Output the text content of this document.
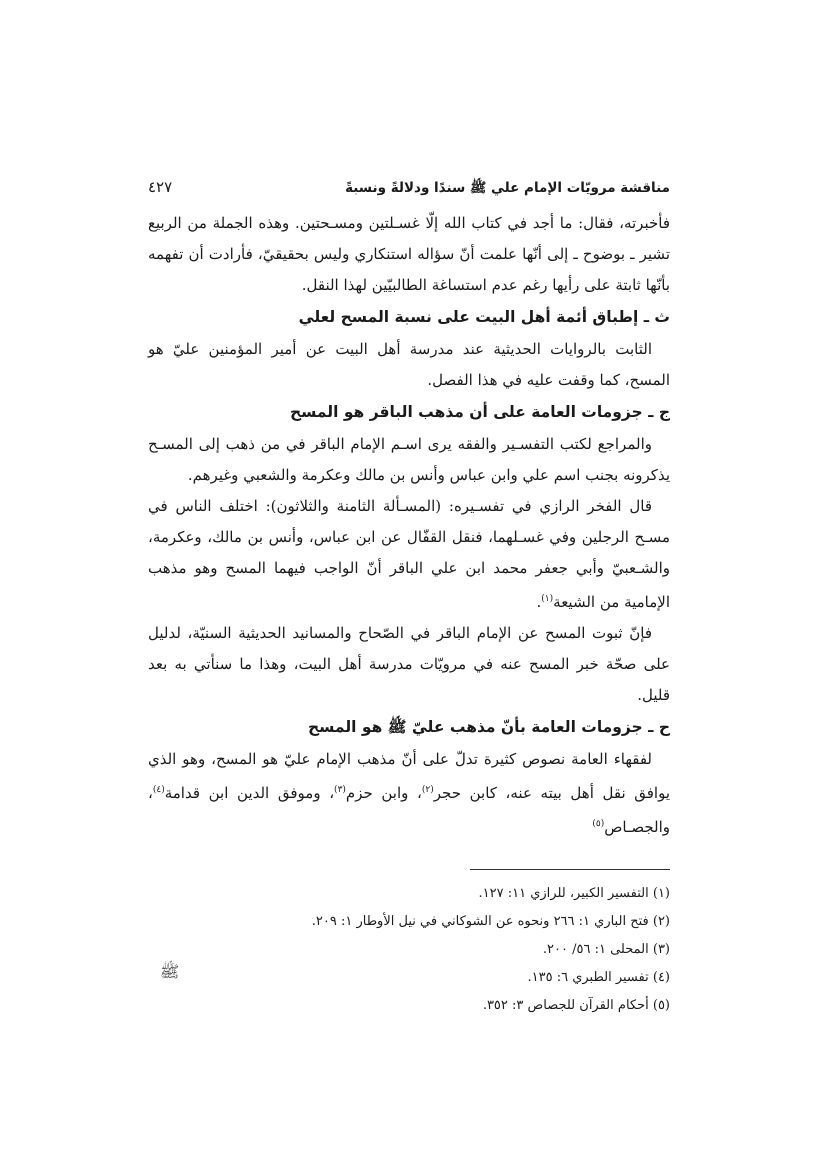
مناقشة مرويّات الإمام علي ﷺ سندًا ودلالةً ونسبةً
٤٢٧

فأخبرته، فقال: ما أجد في كتاب الله إلّا غسـلتين ومسـحتين. وهذه الجملة من الربيع تشير ـ بوضوح ـ إلى أنّها علمت أنّ سؤاله استنكاري وليس بحقيقيّ، فأرادت أن تفهمه بأنّها ثابتة على رأيها رغم عدم استساغة الطالبيّين لهذا النقل.

ث ـ إطباق أئمة أهل البيت على نسبة المسح لعلي

الثابت بالروايات الحديثية عند مدرسة أهل البيت عن أمير المؤمنين عليّ هو المسح، كما وقفت عليه في هذا الفصل.

ج ـ جزومات العامة على أن مذهب الباقر هو المسح

والمراجع لكتب التفسـير والفقه يرى اسـم الإمام الباقر في من ذهب إلى المسـح يذكرونه بجنب اسم علي وابن عباس وأنس بن مالك وعكرمة والشعبي وغيرهم.

قال الفخر الرازي في تفسـيره: (المسـألة الثامنة والثلاثون): اختلف الناس في مسـح الرجلين وفي غسـلهما، فنقل القفّال عن ابن عباس، وأنس بن مالك، وعكرمة، والشـعبيّ وأبي جعفر محمد ابن علي الباقر أنّ الواجب فيهما المسح وهو مذهب الإمامية من الشيعة$^{(١)}$.

فإنّ ثبوت المسح عن الإمام الباقر في الصّحاح والمسانيد الحديثية السنيّة، لدليل على صحّة خبر المسح عنه في مرويّات مدرسة أهل البيت، وهذا ما سنأتي به بعد قليل.

ح ـ جزومات العامة بأنّ مذهب عليّ ﷺ هو المسح

لفقهاء العامة نصوص كثيرة تدلّ على أنّ مذهب الإمام عليّ هو المسح، وهو الذي يوافق نقل أهل بيته عنه، كابن حجر$^{(٢)}$، وابن حزم$^{(٣)}$، وموفق الدين ابن قدامة$^{(٤)}$، والجصـاص$^{(٥)}$

(١) التفسير الكبير، للرازي ١١: ١٢٧.
(٢) فتح الباري ١: ٢٦٦ ونحوه عن الشوكاني في نيل الأوطار ١: ٢٠٩.
(٣) المحلى ١: ٥٦/ ٢٠٠.
(٤) تفسير الطبري ٦: ١٣٥.
(٥) أحكام القرآن للجصاص ٣: ٣٥٢.
ﷺ
